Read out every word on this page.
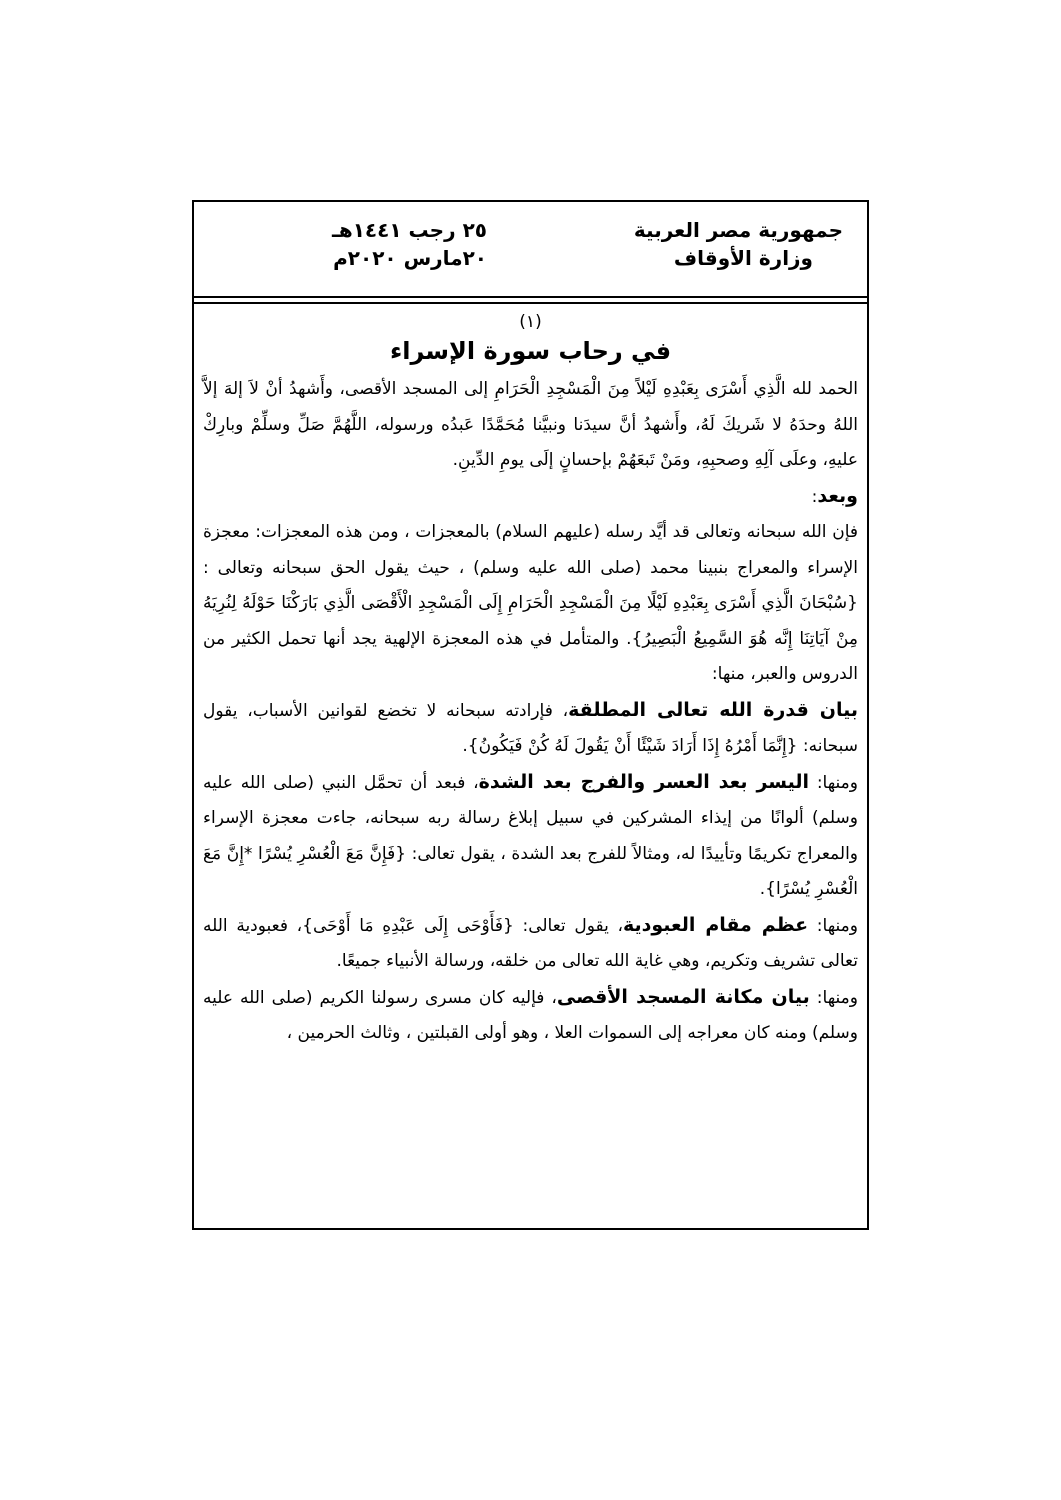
جمهورية مصر العربية
وزارة الأوقاف
٢٥ رجب ١٤٤١هـ
٢٠مارس ٢٠٢٠م
(١)
في رحاب سورة الإسراء

الحمد لله الَّذِي أَسْرَى بِعَبْدِهِ لَيْلاً مِنَ الْمَسْجِدِ الْحَرَامِ إلى المسجد الأقصى، وأَشهدُ أنْ لاَ إلهَ إلاَّ اللهُ وحدَهُ لا شَريكَ لَهُ، وأَشهدُ أنَّ سيدَنا ونبيَّنا مُحَمَّدًا عَبدُه ورسوله، اللَّهُمَّ صَلِّ وسلِّمْ وبارِكْ عليهِ، وعلَى آلِهِ وصحبِهِ، ومَنْ تَبعَهُمْ بإحسانٍ إلَى يومِ الدِّينِ.

وبعد:

فإن الله سبحانه وتعالى قد أيَّد رسله (عليهم السلام) بالمعجزات ، ومن هذه المعجزات: معجزة الإسراء والمعراج بنبينا محمد (صلى الله عليه وسلم) ، حيث يقول الحق سبحانه وتعالى : {سُبْحَانَ الَّذِي أَسْرَى بِعَبْدِهِ لَيْلًا مِنَ الْمَسْجِدِ الْحَرَامِ إِلَى الْمَسْجِدِ الْأَقْصَى الَّذِي بَارَكْنَا حَوْلَهُ لِنُرِيَهُ مِنْ آيَاتِنَا إِنَّه هُوَ السَّمِيعُ الْبَصِيرُ}. والمتأمل في هذه المعجزة الإلهية يجد أنها تحمل الكثير من الدروس والعبر، منها:

بيان قدرة الله تعالى المطلقة، فإرادته سبحانه لا تخضع لقوانين الأسباب، يقول سبحانه: {إِنَّمَا أَمْرُهُ إِذَا أَرَادَ شَيْئًا أَنْ يَقُولَ لَهُ كُنْ فَيَكُونُ}.

ومنها: اليسر بعد العسر والفرج بعد الشدة، فبعد أن تحمَّل النبي (صلى الله عليه وسلم) ألوانًا من إيذاء المشركين في سبيل إبلاغ رسالة ربه سبحانه، جاءت معجزة الإسراء والمعراج تكريمًا وتأييدًا له، ومثالاً للفرج بعد الشدة ، يقول تعالى: {فَإِنَّ مَعَ الْعُسْرِ يُسْرًا *إِنَّ مَعَ الْعُسْرِ يُسْرًا}.

ومنها: عظم مقام العبودية، يقول تعالى: {فَأَوْحَى إِلَى عَبْدِهِ مَا أَوْحَى}، فعبودية الله تعالى تشريف وتكريم، وهي غاية الله تعالى من خلقه، ورسالة الأنبياء جميعًا.

ومنها: بيان مكانة المسجد الأقصى، فإليه كان مسرى رسولنا الكريم (صلى الله عليه وسلم) ومنه كان معراجه إلى السموات العلا ، وهو أولى القبلتين ، وثالث الحرمين ،
